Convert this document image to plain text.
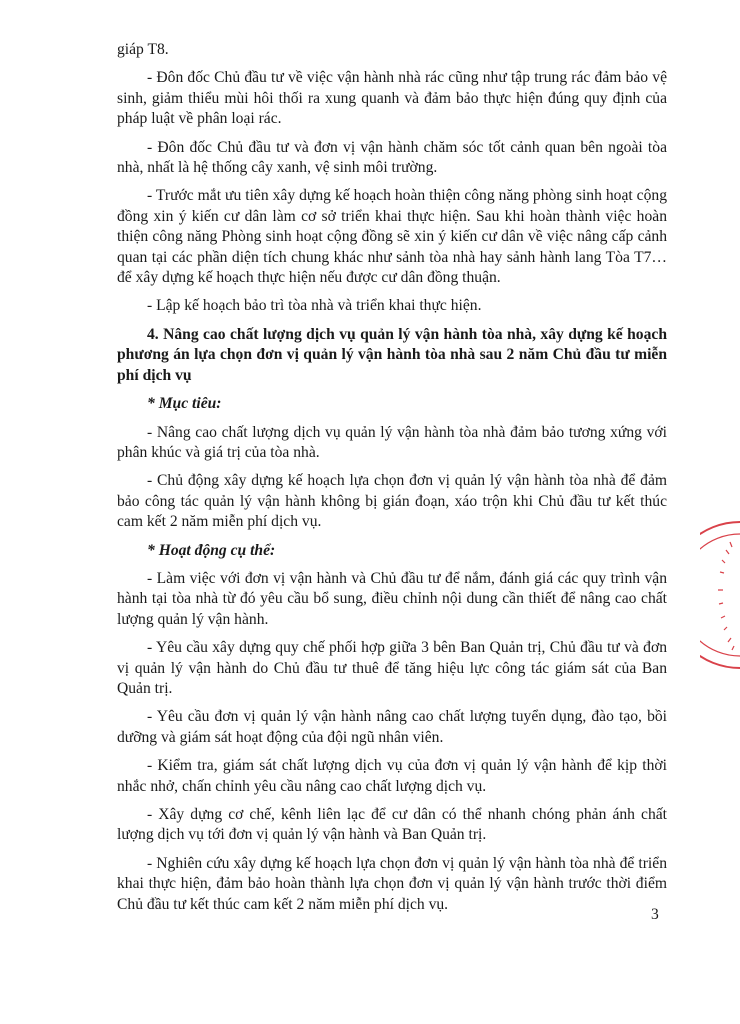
giáp T8.

- Đôn đốc Chủ đầu tư về việc vận hành nhà rác cũng như tập trung rác đảm bảo vệ sinh, giảm thiểu mùi hôi thối ra xung quanh và đảm bảo thực hiện đúng quy định của pháp luật về phân loại rác.

- Đôn đốc Chủ đầu tư và đơn vị vận hành chăm sóc tốt cảnh quan bên ngoài tòa nhà, nhất là hệ thống cây xanh, vệ sinh môi trường.

- Trước mắt ưu tiên xây dựng kế hoạch hoàn thiện công năng phòng sinh hoạt cộng đồng xin ý kiến cư dân làm cơ sở triển khai thực hiện. Sau khi hoàn thành việc hoàn thiện công năng Phòng sinh hoạt cộng đồng sẽ xin ý kiến cư dân về việc nâng cấp cảnh quan tại các phần diện tích chung khác như sảnh tòa nhà hay sảnh hành lang Tòa T7… để xây dựng kế hoạch thực hiện nếu được cư dân đồng thuận.

- Lập kế hoạch bảo trì tòa nhà và triển khai thực hiện.

4. Nâng cao chất lượng dịch vụ quản lý vận hành tòa nhà, xây dựng kế hoạch phương án lựa chọn đơn vị quản lý vận hành tòa nhà sau 2 năm Chủ đầu tư miễn phí dịch vụ

* Mục tiêu:

- Nâng cao chất lượng dịch vụ quản lý vận hành tòa nhà đảm bảo tương xứng với phân khúc và giá trị của tòa nhà.

- Chủ động xây dựng kế hoạch lựa chọn đơn vị quản lý vận hành tòa nhà để đảm bảo công tác quản lý vận hành không bị gián đoạn, xáo trộn khi Chủ đầu tư kết thúc cam kết 2 năm miễn phí dịch vụ.

* Hoạt động cụ thể:

- Làm việc với đơn vị vận hành và Chủ đầu tư để nắm, đánh giá các quy trình vận hành tại tòa nhà từ đó yêu cầu bổ sung, điều chỉnh nội dung cần thiết để nâng cao chất lượng quản lý vận hành.

- Yêu cầu xây dựng quy chế phối hợp giữa 3 bên Ban Quản trị, Chủ đầu tư và đơn vị quản lý vận hành do Chủ đầu tư thuê để tăng hiệu lực công tác giám sát của Ban Quản trị.

- Yêu cầu đơn vị quản lý vận hành nâng cao chất lượng tuyển dụng, đào tạo, bồi dưỡng và giám sát hoạt động của đội ngũ nhân viên.

- Kiểm tra, giám sát chất lượng dịch vụ của đơn vị quản lý vận hành để kịp thời nhắc nhở, chấn chỉnh yêu cầu nâng cao chất lượng dịch vụ.

- Xây dựng cơ chế, kênh liên lạc để cư dân có thể nhanh chóng phản ánh chất lượng dịch vụ tới đơn vị quản lý vận hành và Ban Quản trị.

- Nghiên cứu xây dựng kế hoạch lựa chọn đơn vị quản lý vận hành tòa nhà để triển khai thực hiện, đảm bảo hoàn thành lựa chọn đơn vị quản lý vận hành trước thời điểm Chủ đầu tư kết thúc cam kết 2 năm miễn phí dịch vụ.

3
